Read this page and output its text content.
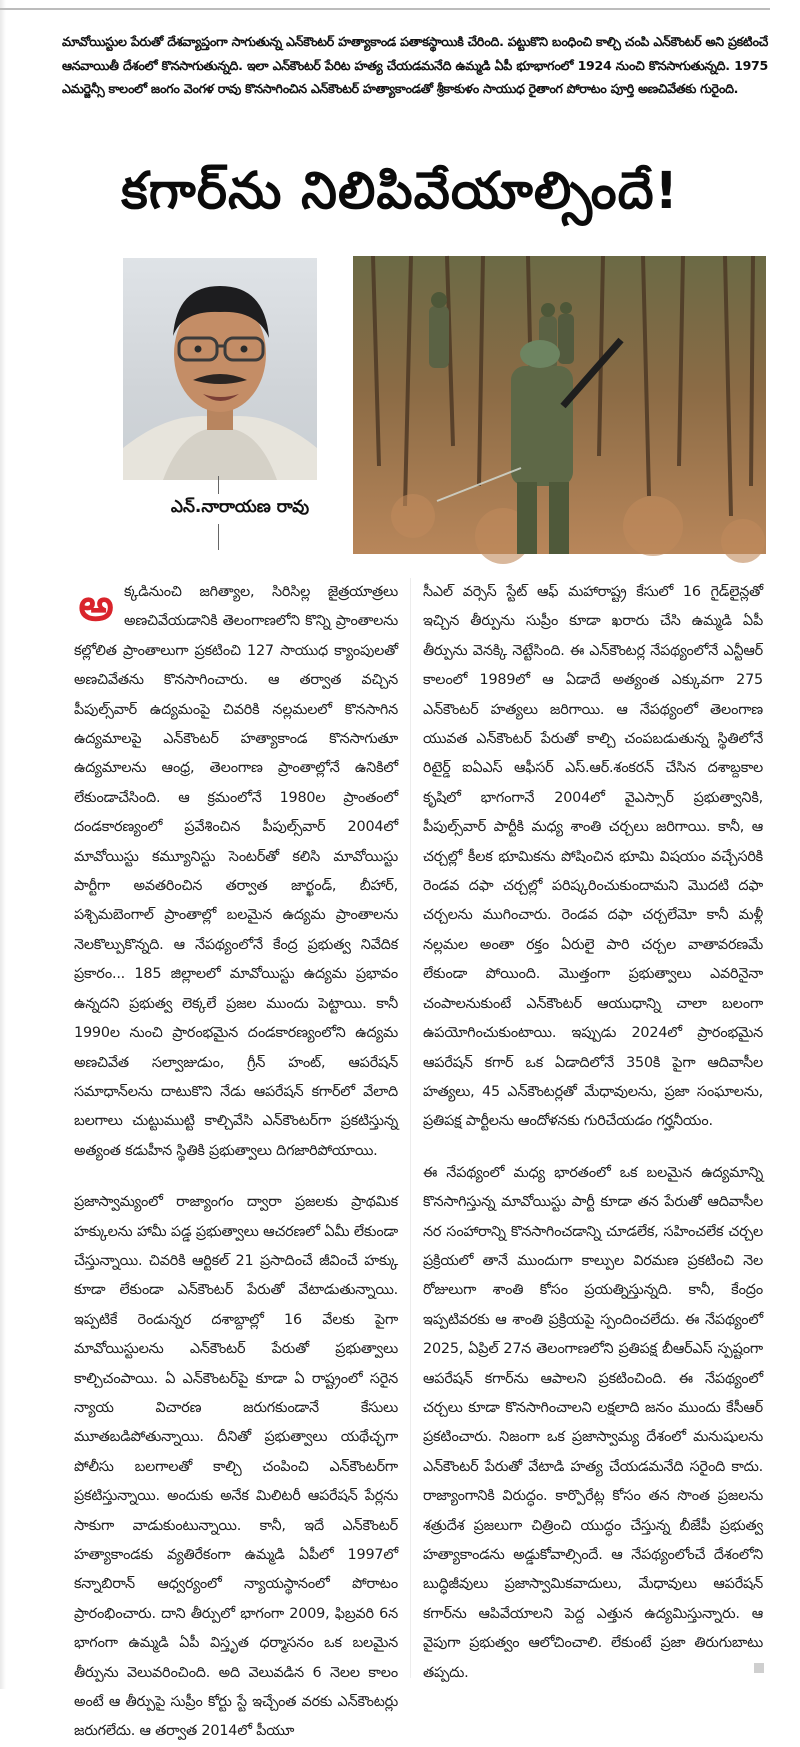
మావోయిస్టుల పేరుతో దేశవ్యాప్తంగా సాగుతున్న ఎన్‌కౌంటర్ హత్యాకాండ పతాకస్థాయికి చేరింది. పట్టుకొని బంధించి కాల్చి చంపి ఎన్‌కౌంటర్ అని ప్రకటించే ఆనవాయితీ దేశంలో కొనసాగుతున్నది. ఇలా ఎన్‌కౌంటర్ పేరిట హత్య చేయడమనేది ఉమ్మడి ఏపీ భూభాగంలో 1924 నుంచి కొనసాగుతున్నది. 1975 ఎమర్జెన్సీ కాలంలో జంగం వెంగళ రావు కొనసాగించిన ఎన్‌కౌంటర్ హత్యాకాండతో శ్రీకాకుళం సాయుధ రైతాంగ పోరాటం పూర్తి అణచివేతకు గురైంది.
కగార్‌ను నిలిపివేయాల్సిందే!
ఎన్.నారాయణ రావు
అ క్కడినుంచి జగిత్యాల, సిరిసిల్ల జైత్రయాత్రలు అణచివేయడానికి తెలంగాణలోని కొన్ని ప్రాంతాలను కల్లోలిత ప్రాంతాలుగా ప్రకటించి 127 సాయుధ క్యాంపులతో అణచివేతను కొనసాగించారు. ఆ తర్వాత వచ్చిన పీపుల్స్‌వార్ ఉద్యమంపై చివరికి నల్లమలలో కొనసాగిన ఉద్యమాలపై ఎన్‌కౌంటర్ హత్యాకాండ కొనసాగుతూ ఉద్యమాలను ఆంధ్ర, తెలంగాణ ప్రాంతాల్లోనే ఉనికిలో లేకుండాచేసింది. ఆ క్రమంలోనే 1980ల ప్రాంతంలో దండకారణ్యంలో ప్రవేశించిన పీపుల్స్‌వార్ 2004లో మావోయిస్టు కమ్యూనిస్టు సెంటర్‌తో కలిసి మావోయిస్టు పార్టీగా అవతరించిన తర్వాత జార్ఖండ్, బీహార్, పశ్చిమబెంగాల్ ప్రాంతాల్లో బలమైన ఉద్యమ ప్రాంతాలను నెలకొల్పుకొన్నది. ఆ నేపథ్యంలోనే కేంద్ర ప్రభుత్వ నివేదిక ప్రకారం... 185 జిల్లాలలో మావోయిస్టు ఉద్యమ ప్రభావం ఉన్నదని ప్రభుత్వ లెక్కలే ప్రజల ముందు పెట్టాయి. కానీ 1990ల నుంచి ప్రారంభమైన దండకారణ్యంలోని ఉద్యమ అణచివేత సల్వాజుడుం, గ్రీన్ హంట్, ఆపరేషన్ సమాధాన్‌లను దాటుకొని నేడు ఆపరేషన్ కగార్‌లో వేలాది బలగాలు చుట్టుముట్టి కాల్చివేసి ఎన్‌కౌంటర్‌గా ప్రకటిస్తున్న అత్యంత కడుహీన స్థితికి ప్రభుత్వాలు దిగజారిపోయాయి.

ప్రజాస్వామ్యంలో రాజ్యాంగం ద్వారా ప్రజలకు ప్రాథమిక హక్కులను హామీ పడ్డ ప్రభుత్వాలు ఆచరణలో ఏమీ లేకుండా చేస్తున్నాయి. చివరికి ఆర్టికల్ 21 ప్రసాదించే జీవించే హక్కు కూడా లేకుండా ఎన్‌కౌంటర్ పేరుతో వేటాడుతున్నాయి. ఇప్పటికే రెండున్నర దశాబ్దాల్లో 16 వేలకు పైగా మావోయిస్టులను ఎన్‌కౌంటర్ పేరుతో ప్రభుత్వాలు కాల్చిచంపాయి. ఏ ఎన్‌కౌంటర్‌పై కూడా ఏ రాష్ట్రంలో సరైన న్యాయ విచారణ జరుగకుండానే కేసులు మూతబడిపోతున్నాయి. దీనితో ప్రభుత్వాలు యథేచ్ఛగా పోలీసు బలగాలతో కాల్చి చంపించి ఎన్‌కౌంటర్‌గా ప్రకటిస్తున్నాయి. అందుకు అనేక మిలిటరీ ఆపరేషన్ పేర్లను సాకుగా వాడుకుంటున్నాయి. కానీ, ఇదే ఎన్‌కౌంటర్ హత్యాకాండకు వ్యతిరేకంగా ఉమ్మడి ఏపీలో 1997లో కన్నాబిరాన్ ఆధ్వర్యంలో న్యాయస్థానంలో పోరాటం ప్రారంభించారు. దాని తీర్పులో భాగంగా 2009, ఫిబ్రవరి 6న భాగంగా ఉమ్మడి ఏపీ విస్తృత ధర్మాసనం ఒక బలమైన తీర్పును వెలువరించింది. అది వెలువడిన 6 నెలల కాలం అంటే ఆ తీర్పుపై సుప్రీం కోర్టు స్టే ఇచ్చేంత వరకు ఎన్‌కౌంటర్లు జరుగలేదు. ఆ తర్వాత 2014లో పీయూ

సీఎల్ వర్సెస్ స్టేట్ ఆఫ్ మహారాష్ట్ర కేసులో 16 గైడ్‌లైన్లతో ఇచ్చిన తీర్పును సుప్రీం కూడా ఖరారు చేసి ఉమ్మడి ఏపీ తీర్పును వెనక్కి నెట్టేసింది. ఈ ఎన్‌కౌంటర్ల నేపథ్యంలోనే ఎన్టీఆర్ కాలంలో 1989లో ఆ ఏడాదే అత్యంత ఎక్కువగా 275 ఎన్‌కౌంటర్ హత్యలు జరిగాయి. ఆ నేపథ్యంలో తెలంగాణ యువత ఎన్‌కౌంటర్ పేరుతో కాల్చి చంపబడుతున్న స్థితిలోనే రిటైర్డ్ ఐఏఎస్ ఆఫీసర్ ఎస్.ఆర్.శంకరన్ చేసిన దశాబ్దకాల కృషిలో భాగంగానే 2004లో వైఎస్సార్ ప్రభుత్వానికి, పీపుల్స్‌వార్ పార్టీకి మధ్య శాంతి చర్చలు జరిగాయి. కానీ, ఆ చర్చల్లో కీలక భూమికను పోషించిన భూమి విషయం వచ్చేసరికి రెండవ దఫా చర్చల్లో పరిష్కరించుకుందామని మొదటి దఫా చర్చలను ముగించారు. రెండవ దఫా చర్చలేమో కానీ మళ్లీ నల్లమల అంతా రక్తం ఏరులై పారి చర్చల వాతావరణమే లేకుండా పోయింది. మొత్తంగా ప్రభుత్వాలు ఎవరినైనా చంపాలనుకుంటే ఎన్‌కౌంటర్ ఆయుధాన్ని చాలా బలంగా ఉపయోగించుకుంటాయి. ఇప్పుడు 2024లో ప్రారంభమైన ఆపరేషన్ కగార్ ఒక ఏడాదిలోనే 350కి పైగా ఆదివాసీల హత్యలు, 45 ఎన్‌కౌంటర్లతో మేధావులను, ప్రజా సంఘాలను, ప్రతిపక్ష పార్టీలను ఆందోళనకు గురిచేయడం గర్హనీయం.

ఈ నేపథ్యంలో మధ్య భారతంలో ఒక బలమైన ఉద్యమాన్ని కొనసాగిస్తున్న మావోయిస్టు పార్టీ కూడా తన పేరుతో ఆదివాసీల నర సంహారాన్ని కొనసాగించడాన్ని చూడలేక, సహించలేక చర్చల ప్రక్రియలో తానే ముందుగా కాల్పుల విరమణ ప్రకటించి నెల రోజులుగా శాంతి కోసం ప్రయత్నిస్తున్నది. కానీ, కేంద్రం ఇప్పటివరకు ఆ శాంతి ప్రక్రియపై స్పందించలేదు. ఈ నేపథ్యంలో 2025, ఏప్రిల్ 27న తెలంగాణలోని ప్రతిపక్ష బీఆర్‌ఎస్ స్పష్టంగా ఆపరేషన్ కగార్‌ను ఆపాలని ప్రకటించింది. ఈ నేపథ్యంలో చర్చలు కూడా కొనసాగించాలని లక్షలాది జనం ముందు కేసీఆర్ ప్రకటించారు. నిజంగా ఒక ప్రజాస్వామ్య దేశంలో మనుషులను ఎన్‌కౌంటర్ పేరుతో వేటాడి హత్య చేయడమనేది సరైంది కాదు. రాజ్యాంగానికి విరుద్ధం. కార్పొరేట్ల కోసం తన సొంత ప్రజలను శత్రుదేశ ప్రజలుగా చిత్రించి యుద్ధం చేస్తున్న బీజేపీ ప్రభుత్వ హత్యాకాండను అడ్డుకోవాల్సిందే. ఆ నేపథ్యంలోంచే దేశంలోని బుద్ధిజీవులు ప్రజాస్వామికవాదులు, మేధావులు ఆపరేషన్ కగార్‌ను ఆపివేయాలని పెద్ద ఎత్తున ఉద్యమిస్తున్నారు. ఆ వైపుగా ప్రభుత్వం ఆలోచించాలి. లేకుంటే ప్రజా తిరుగుబాటు తప్పదు.
